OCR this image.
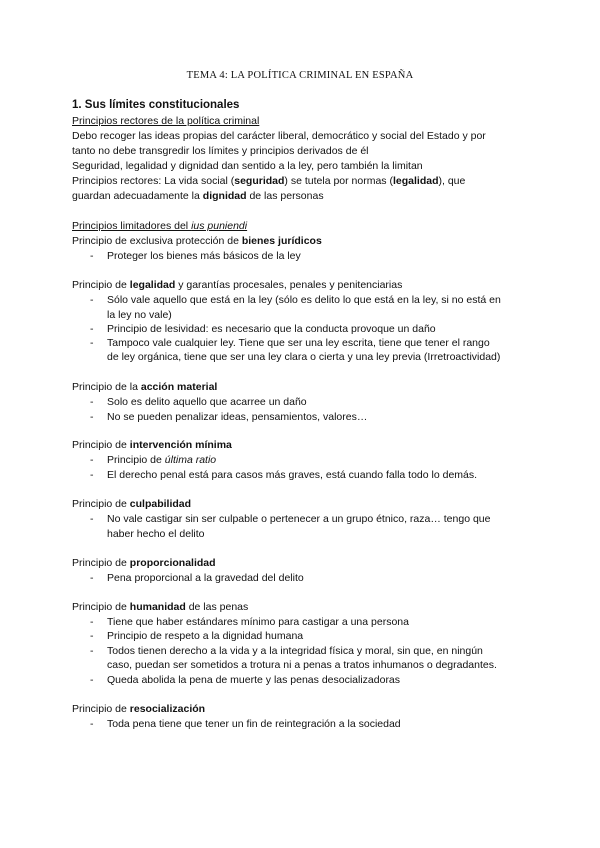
TEMA 4: LA POLÍTICA CRIMINAL EN ESPAÑA
1. Sus límites constitucionales
Principios rectores de la política criminal
Debo recoger las ideas propias del carácter liberal, democrático y social del Estado y por
tanto no debe transgredir los límites y principios derivados de él
Seguridad, legalidad y dignidad dan sentido a la ley, pero también la limitan
Principios rectores: La vida social (seguridad) se tutela por normas (legalidad), que
guardan adecuadamente la dignidad de las personas
Principios limitadores del ius puniendi
Principio de exclusiva protección de bienes jurídicos
- Proteger los bienes más básicos de la ley
Principio de legalidad y garantías procesales, penales y penitenciarias
- Sólo vale aquello que está en la ley (sólo es delito lo que está en la ley, si no está en
la ley no vale)
- Principio de lesividad: es necesario que la conducta provoque un daño
- Tampoco vale cualquier ley. Tiene que ser una ley escrita, tiene que tener el rango
de ley orgánica, tiene que ser una ley clara o cierta y una ley previa (Irretroactividad)
Principio de la acción material
- Solo es delito aquello que acarree un daño
- No se pueden penalizar ideas, pensamientos, valores…
Principio de intervención mínima
- Principio de última ratio
- El derecho penal está para casos más graves, está cuando falla todo lo demás.
Principio de culpabilidad
- No vale castigar sin ser culpable o pertenecer a un grupo étnico, raza… tengo que
haber hecho el delito
Principio de proporcionalidad
- Pena proporcional a la gravedad del delito
Principio de humanidad de las penas
- Tiene que haber estándares mínimo para castigar a una persona
- Principio de respeto a la dignidad humana
- Todos tienen derecho a la vida y a la integridad física y moral, sin que, en ningún
caso, puedan ser sometidos a trotura ni a penas a tratos inhumanos o degradantes.
- Queda abolida la pena de muerte y las penas desocializadoras
Principio de resocialización
- Toda pena tiene que tener un fin de reintegración a la sociedad
